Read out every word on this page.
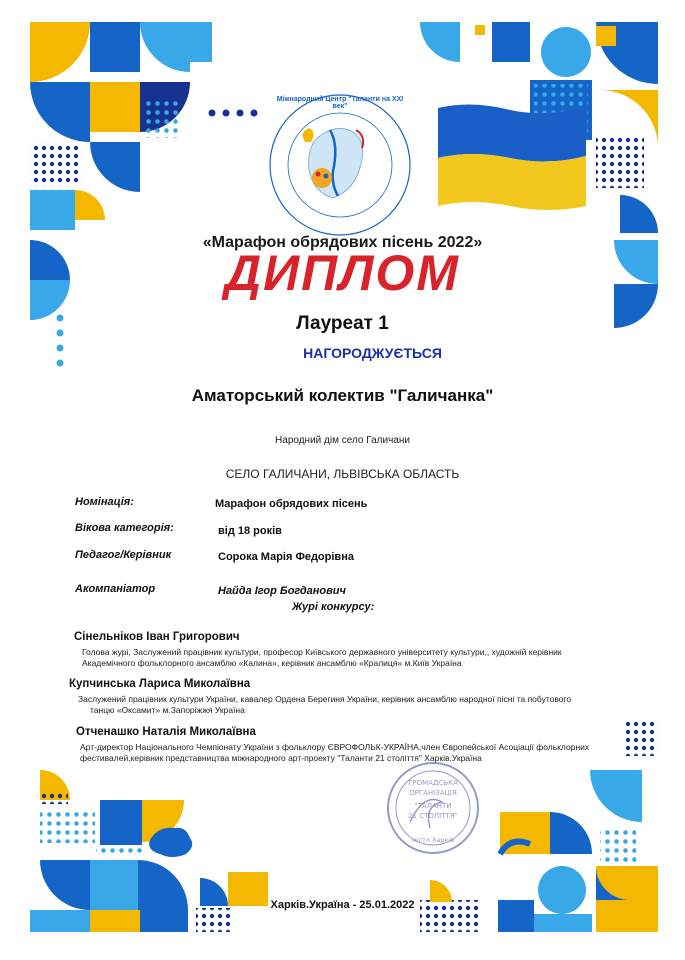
ГРОМАДСЬКА
ОРГАНІЗАЦІЯ
"ТАЛАНТИ
21 СТОЛІТТЯ"
місто Харків
Міжнародний Центр "Таланти на XXI век"
«Марафон обрядових пісень 2022»
ДИПЛОМ
Лауреат 1
НАГОРОДЖУЄТЬСЯ
Аматорський колектив "Галичанка"
Народний дім село Галичани
СЕЛО ГАЛИЧАНИ, ЛЬВІВСЬКА ОБЛАСТЬ
Номінація:	Марафон обрядових пісень
Вікова категорія:	від 18 років
Педагог/Керівник	Сорока Марія Федорівна
Акомпаніатор	Найда Ігор Богданович
Журі конкурсу:
Сінельніков Іван Григорович
Голова журі, Заслужений працівник культури, професор Київського державного університету культури,, художній керівник
Академічного фольклорного ансамблю «Калина», керівник ансамблю «Кралиця» м.Київ Україна
Купчинська Лариса Миколаївна
Заслужений працівник культури України, кавалер Ордена Берегиня України, керівник ансамблю народної пісні та побутового
танцю «Оксамит» м.Запоріжжя Україна
Отченашко Наталія Миколаївна
Арт-директор Національного Чемпіонату України з фольклору ЄВРОФОЛЬК-УКРАЇНА,член Європейської Асоціації фольклорних
фестивалей,керівник представництва міжнародного арт-проекту "Таланти 21 століття" Харків.Україна
Харків.Україна - 25.01.2022
